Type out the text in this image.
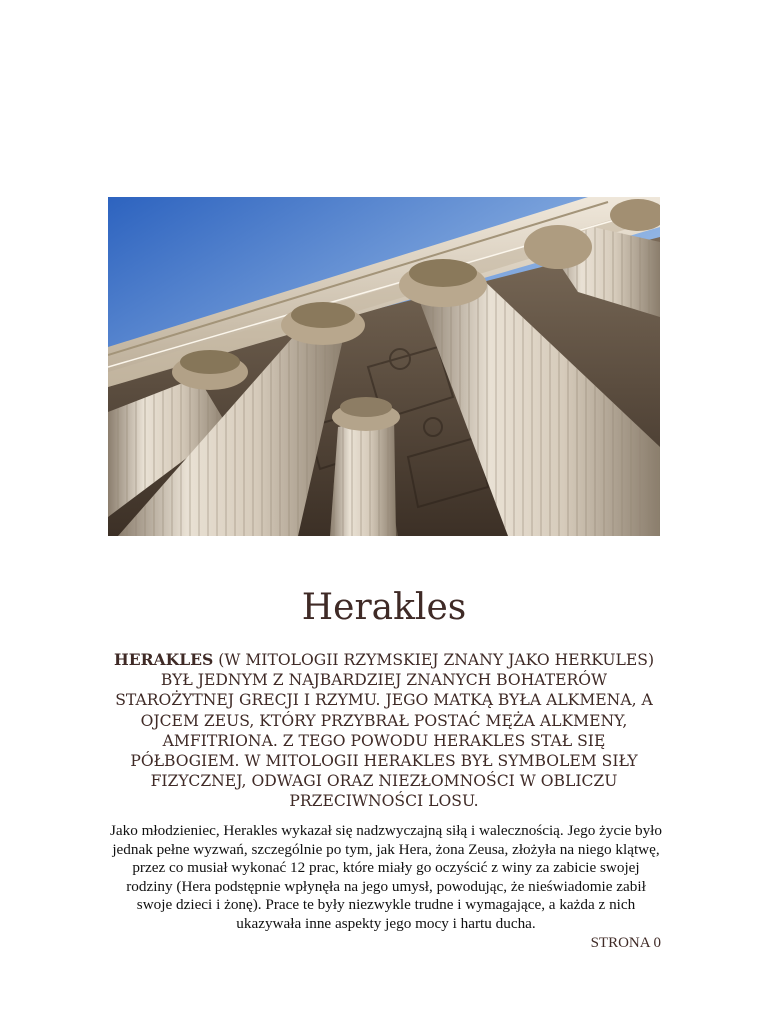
Herakles

HERAKLES (W MITOLOGII RZYMSKIEJ ZNANY JAKO HERKULES) BYŁ JEDNYM Z NAJBARDZIEJ ZNANYCH BOHATERÓW STAROŻYTNEJ GRECJI I RZYMU. JEGO MATKĄ BYŁA ALKMENA, A OJCEM ZEUS, KTÓRY PRZYBRAŁ POSTAĆ MĘŻA ALKMENY, AMFITRIONA. Z TEGO POWODU HERAKLES STAŁ SIĘ PÓŁBOGIEM. W MITOLOGII HERAKLES BYŁ SYMBOLEM SIŁY FIZYCZNEJ, ODWAGI ORAZ NIEZŁOMNOŚCI W OBLICZU PRZECIWNOŚCI LOSU.

Jako młodzieniec, Herakles wykazał się nadzwyczajną siłą i walecznością. Jego życie było jednak pełne wyzwań, szczególnie po tym, jak Hera, żona Zeusa, złożyła na niego klątwę, przez co musiał wykonać 12 prac, które miały go oczyścić z winy za zabicie swojej rodziny (Hera podstępnie wpłynęła na jego umysł, powodując, że nieświadomie zabił swoje dzieci i żonę). Prace te były niezwykle trudne i wymagające, a każda z nich ukazywała inne aspekty jego mocy i hartu ducha.

STRONA 0
